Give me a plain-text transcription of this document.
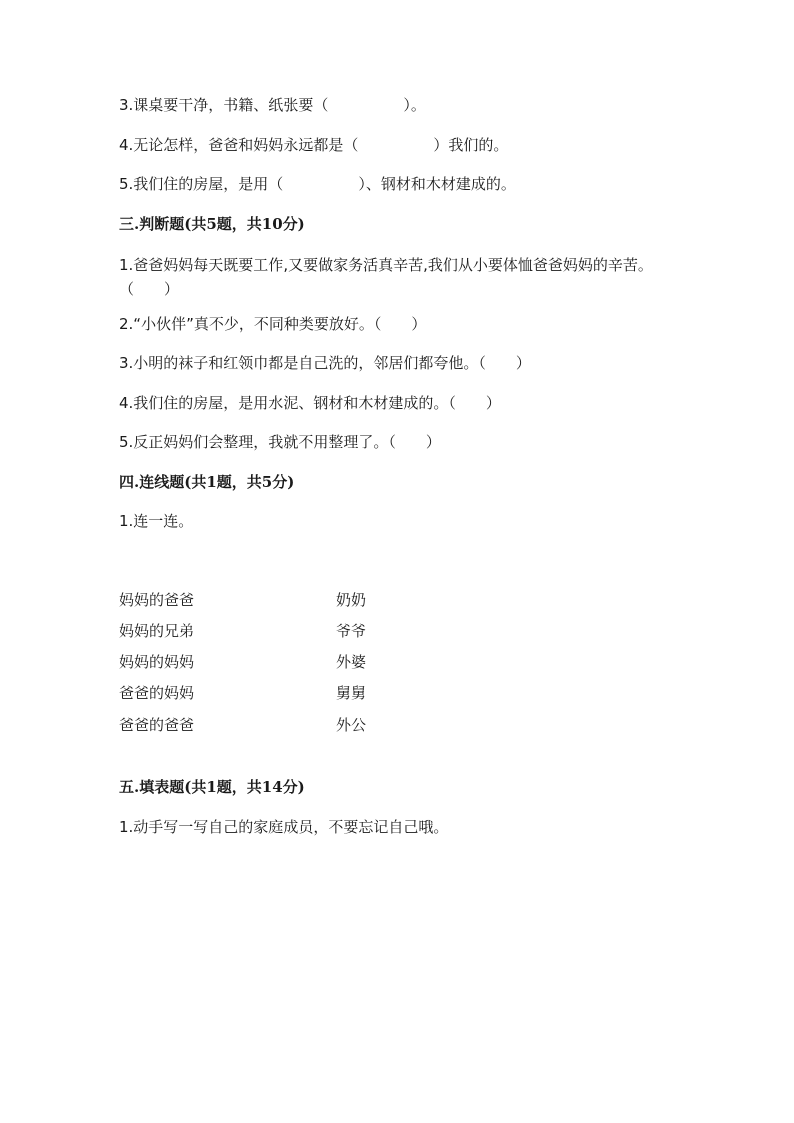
3.课桌要干净，书籍、纸张要（　　　　　）。
4.无论怎样，爸爸和妈妈永远都是（　　　　　）我们的。
5.我们住的房屋，是用（　　　　　）、钢材和木材建成的。
三.判断题(共5题，共10分)
1.爸爸妈妈每天既要工作,又要做家务活真辛苦,我们从小要体恤爸爸妈妈的辛苦。（　　）
2.“小伙伴”真不少，不同种类要放好。（　　）
3.小明的袜子和红领巾都是自己洗的，邻居们都夸他。（　　）
4.我们住的房屋，是用水泥、钢材和木材建成的。（　　）
5.反正妈妈们会整理，我就不用整理了。（　　）
四.连线题(共1题，共5分)
1.连一连。
妈妈的爸爸
妈妈的兄弟
妈妈的妈妈
爸爸的妈妈
爸爸的爸爸
奶奶
爷爷
外婆
舅舅
外公
五.填表题(共1题，共14分)
1.动手写一写自己的家庭成员，不要忘记自己哦。
